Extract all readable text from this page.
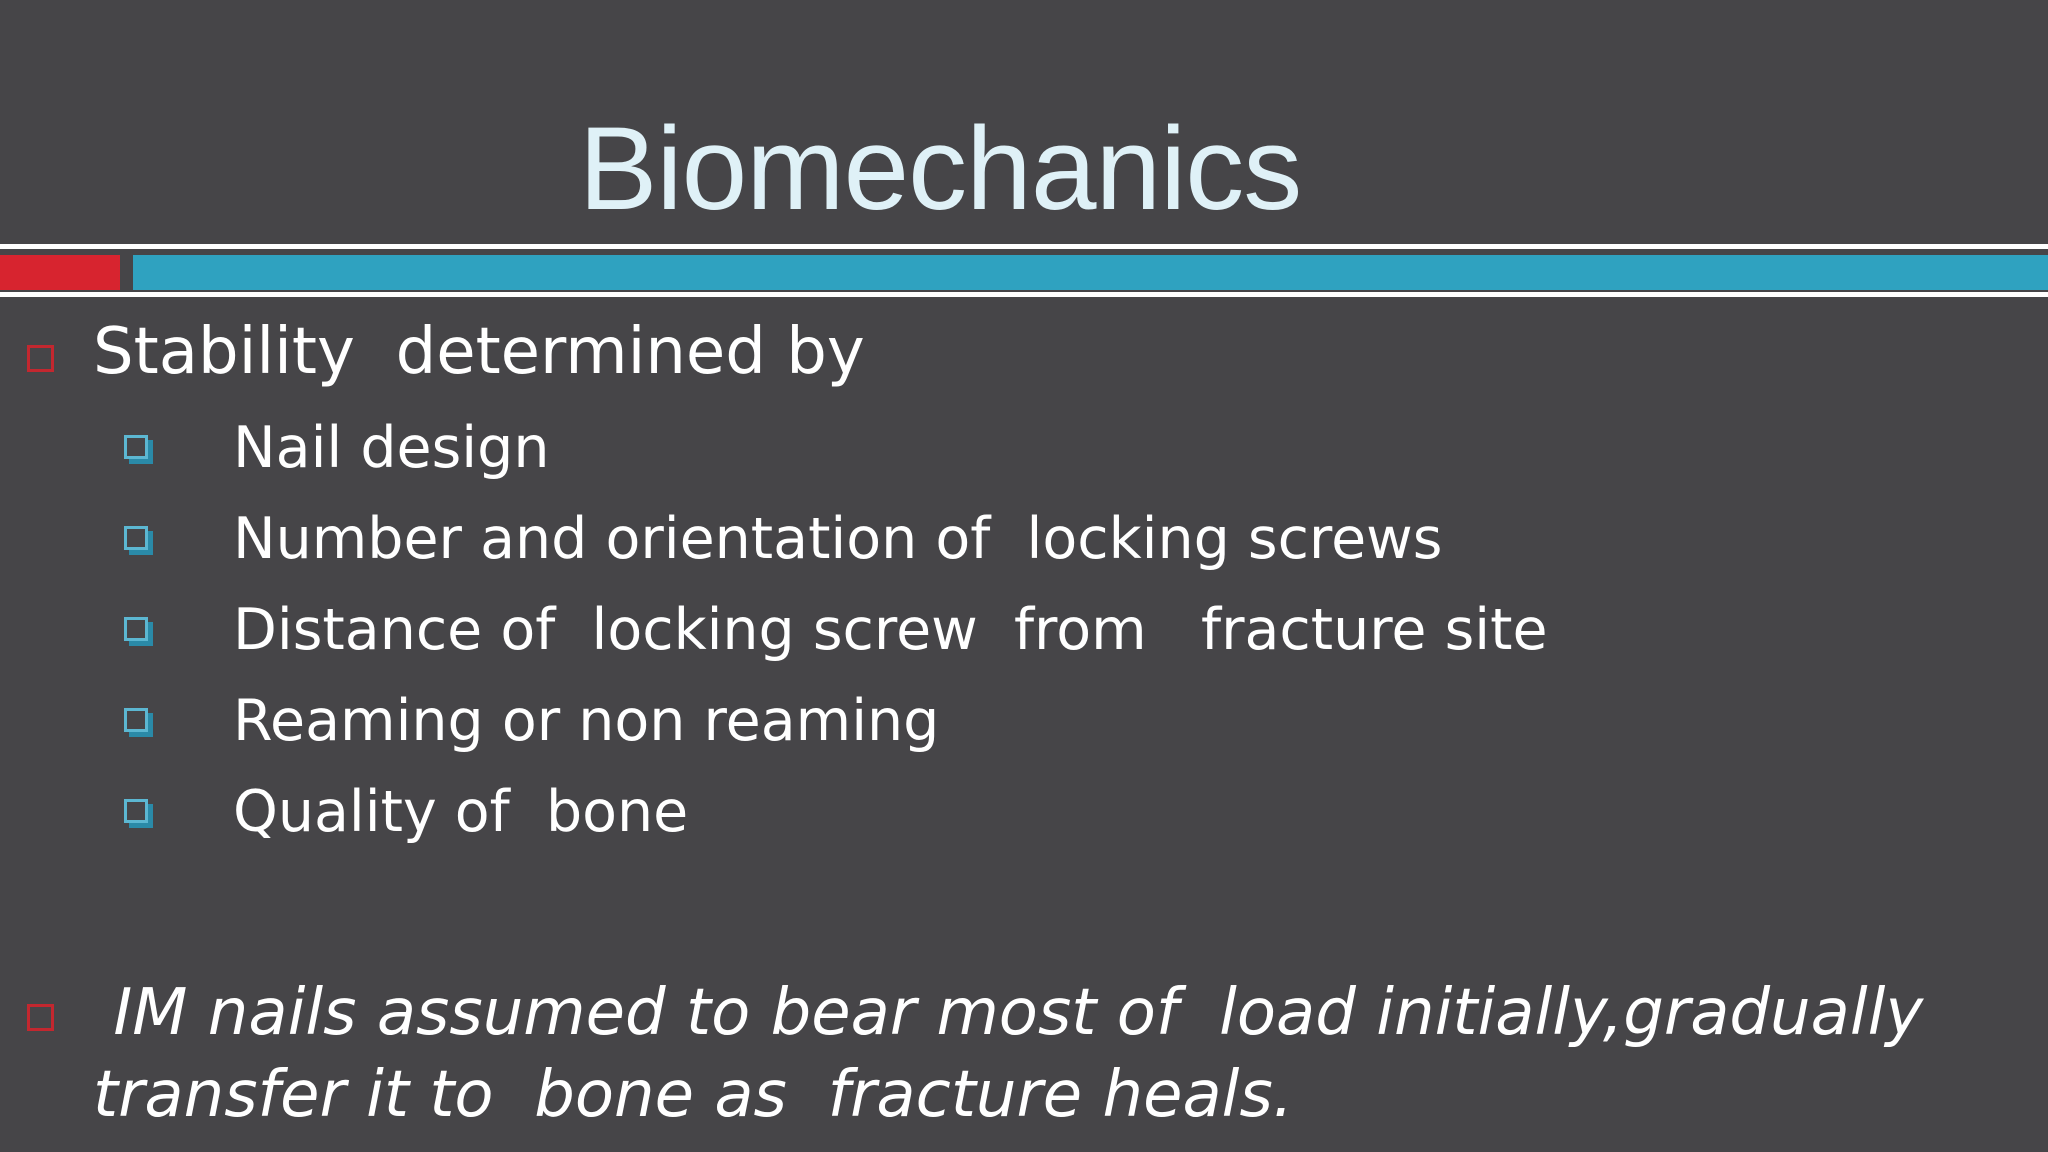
Biomechanics
Stability  determined by
Nail design
Number and orientation of  locking screws
Distance of  locking screw  from   fracture site
Reaming or non reaming
Quality of  bone
IM nails assumed to bear most of  load initially,gradually
transfer it to  bone as  fracture heals.
